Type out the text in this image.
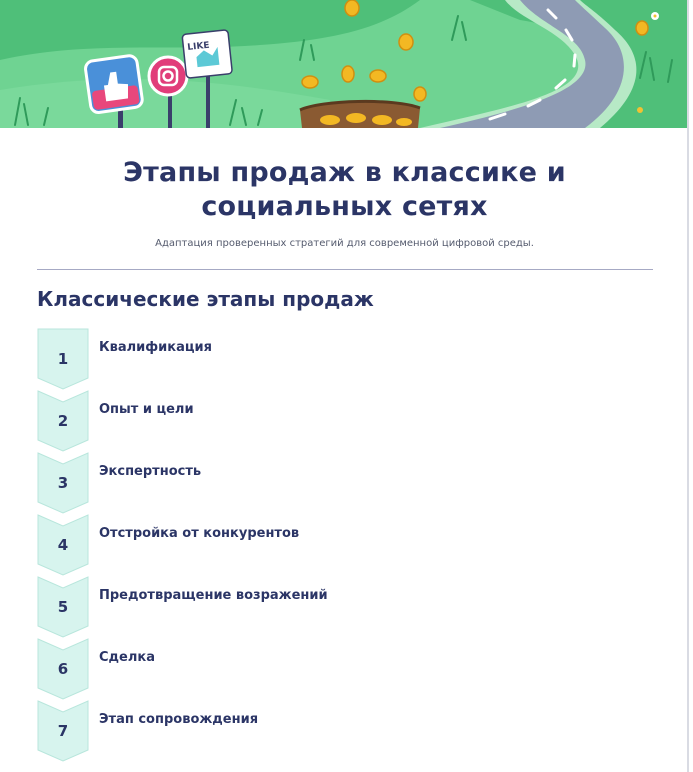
LIKE
Этапы продаж в классике и
социальных сетях

Адаптация проверенных стратегий для современной цифровой среды.

Классические этапы продаж
1
Квалификация
2
Опыт и цели
3
Экспертность
4
Отстройка от конкурентов
5
Предотвращение возражений
6
Сделка
7
Этап сопровождения
